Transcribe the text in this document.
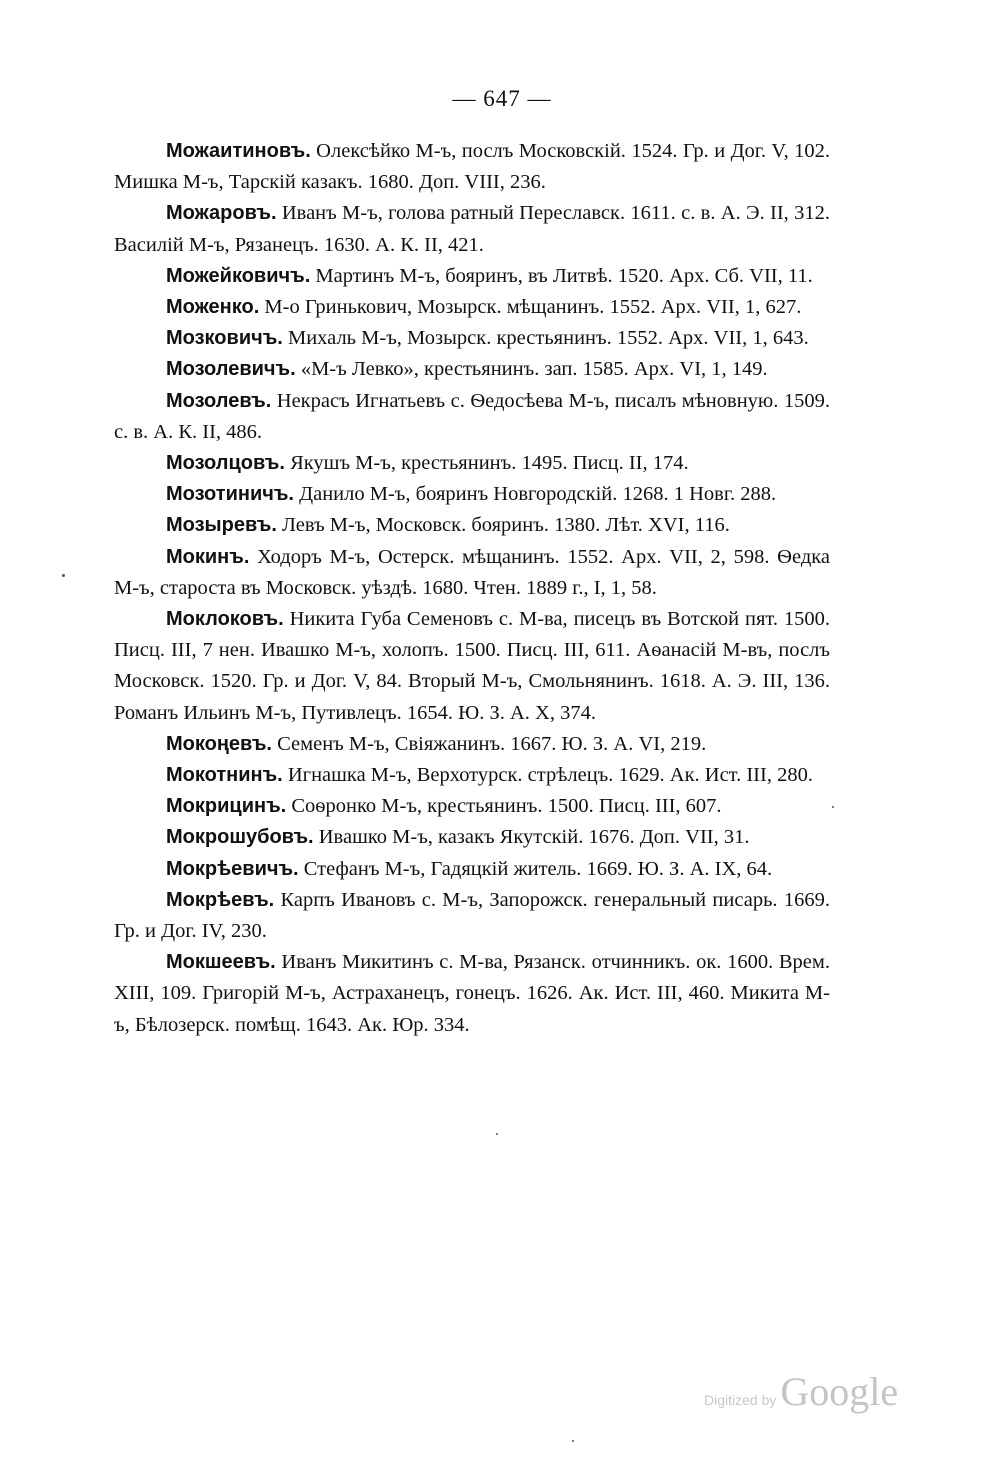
— 647 —

Можаитиновъ. Олексѣйко М-ъ, послъ Московскій. 1524. Гр. и Дог. V, 102. Мишка М-ъ, Тарскій казакъ. 1680. Доп. VIII, 236.

Можаровъ. Иванъ М-ъ, голова ратный Переславск. 1611. с. в. А. Э. II, 312. Василій М-ъ, Рязанецъ. 1630. А. К. II, 421.

Можейковичъ. Мартинъ М-ъ, бояринъ, въ Литвѣ. 1520. Арх. Сб. VII, 11.

Моженко. М-о Гринькович, Мозырск. мѣщанинъ. 1552. Арх. VII, 1, 627.

Мозковичъ. Михаль М-ъ, Мозырск. крестьянинъ. 1552. Арх. VII, 1, 643.

Мозолевичъ. «М-ъ Левко», крестьянинъ. зап. 1585. Арх. VI, 1, 149.

Мозолевъ. Некрасъ Игнатьевъ с. Ѳедосѣева М-ъ, писалъ мѣновную. 1509. с. в. А. К. II, 486.

Мозолцовъ. Якушъ М-ъ, крестьянинъ. 1495. Писц. II, 174.

Мозотиничъ. Данило М-ъ, бояринъ Новгородскій. 1268. 1 Новг. 288.

Мозыревъ. Левъ М-ъ, Московск. бояринъ. 1380. Лѣт. XVI, 116.

Мокинъ. Ходоръ М-ъ, Остерск. мѣщанинъ. 1552. Арх. VII, 2, 598. Ѳедка М-ъ, староста въ Московск. уѣздѣ. 1680. Чтен. 1889 г., I, 1, 58.

Моклоковъ. Никита Губа Семеновъ с. М-ва, писецъ въ Вотской пят. 1500. Писц. III, 7 нен. Ивашко М-ъ, холопъ. 1500. Писц. III, 611. Аѳанасій М-въ, послъ Московск. 1520. Гр. и Дог. V, 84. Вторый М-ъ, Смольнянинъ. 1618. А. Э. III, 136. Романъ Ильинъ М-ъ, Путивлецъ. 1654. Ю. З. А. X, 374.

Мокоңевъ. Семенъ М-ъ, Свіяжанинъ. 1667. Ю. З. А. VI, 219.

Мокотнинъ. Игнашка М-ъ, Верхотурск. стрѣлецъ. 1629. Ак. Ист. III, 280.

Мокрицинъ. Соѳронко М-ъ, крестьянинъ. 1500. Писц. III, 607.

Мокрошубовъ. Ивашко М-ъ, казакъ Якутскій. 1676. Доп. VII, 31.

Мокрѣевичъ. Стефанъ М-ъ, Гадяцкій житель. 1669. Ю. З. А. IX, 64.

Мокрѣевъ. Карпъ Ивановъ с. М-ъ, Запорожск. генеральный писарь. 1669. Гр. и Дог. IV, 230.

Мокшеевъ. Иванъ Микитинъ с. М-ва, Рязанск. отчинникъ. ок. 1600. Врем. XIII, 109. Григорій М-ъ, Астраханецъ, гонецъ. 1626. Ак. Ист. III, 460. Микита М-ъ, Бѣлозерск. помѣщ. 1643. Ак. Юр. 334.

Digitized by Google
